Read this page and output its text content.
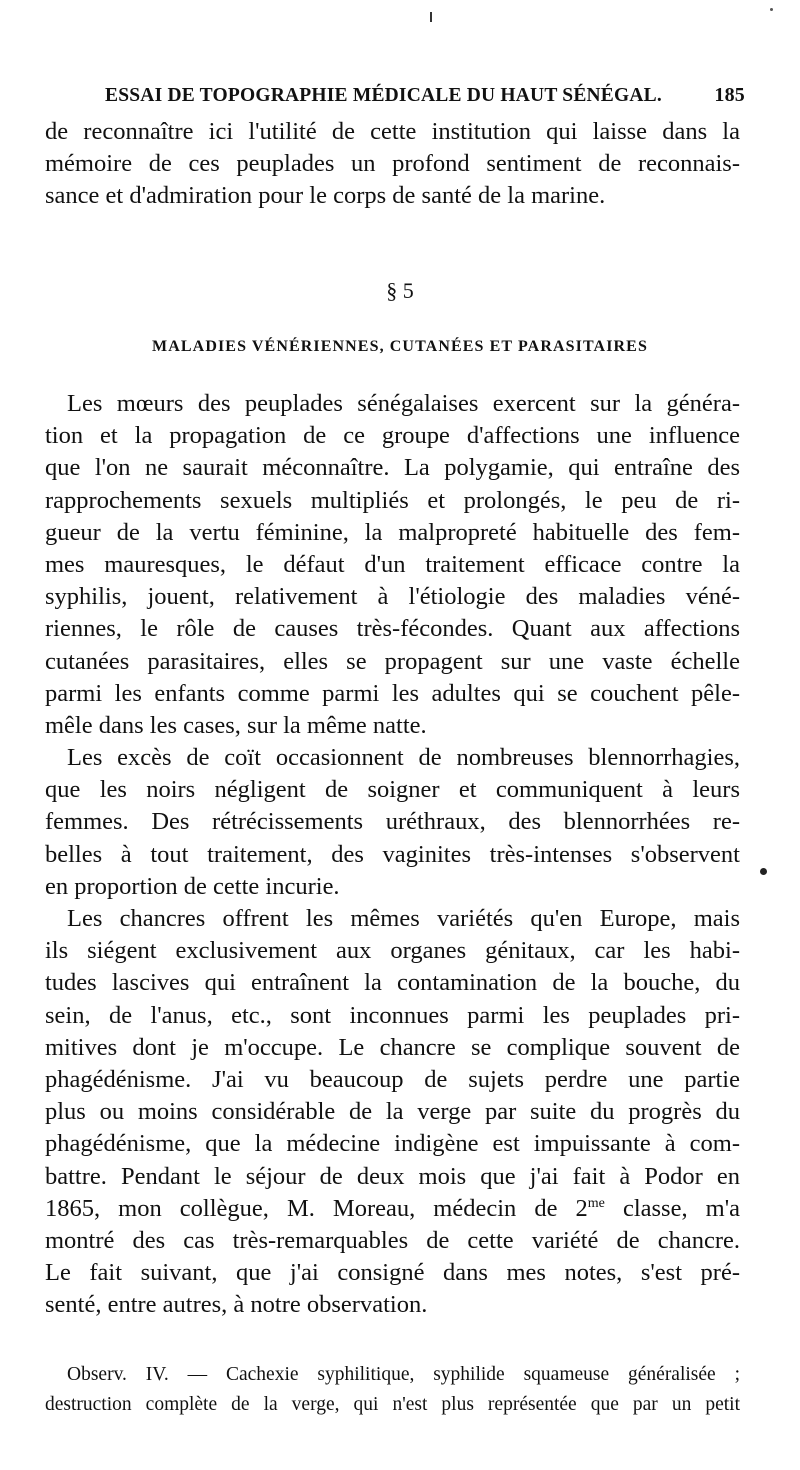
ESSAI DE TOPOGRAPHIE MÉDICALE DU HAUT SÉNÉGAL.	185
de reconnaître ici l'utilité de cette institution qui laisse dans la
mémoire de ces peuplades un profond sentiment de reconnais-
sance et d'admiration pour le corps de santé de la marine.
§ 5
MALADIES VÉNÉRIENNES, CUTANÉES ET PARASITAIRES
Les mœurs des peuplades sénégalaises exercent sur la généra-
tion et la propagation de ce groupe d'affections une influence
que l'on ne saurait méconnaître. La polygamie, qui entraîne des
rapprochements sexuels multipliés et prolongés, le peu de ri-
gueur de la vertu féminine, la malpropreté habituelle des fem-
mes mauresques, le défaut d'un traitement efficace contre la
syphilis, jouent, relativement à l'étiologie des maladies véné-
riennes, le rôle de causes très-fécondes. Quant aux affections
cutanées parasitaires, elles se propagent sur une vaste échelle
parmi les enfants comme parmi les adultes qui se couchent pêle-
mêle dans les cases, sur la même natte.
Les excès de coït occasionnent de nombreuses blennorrhagies,
que les noirs négligent de soigner et communiquent à leurs
femmes. Des rétrécissements uréthraux, des blennorrhées re-
belles à tout traitement, des vaginites très-intenses s'observent
en proportion de cette incurie.
Les chancres offrent les mêmes variétés qu'en Europe, mais
ils siégent exclusivement aux organes génitaux, car les habi-
tudes lascives qui entraînent la contamination de la bouche, du
sein, de l'anus, etc., sont inconnues parmi les peuplades pri-
mitives dont je m'occupe. Le chancre se complique souvent de
phagédénisme. J'ai vu beaucoup de sujets perdre une partie
plus ou moins considérable de la verge par suite du progrès du
phagédénisme, que la médecine indigène est impuissante à com-
battre. Pendant le séjour de deux mois que j'ai fait à Podor en
1865, mon collègue, M. Moreau, médecin de $2^{me}$ classe, m'a
montré des cas très-remarquables de cette variété de chancre.
Le fait suivant, que j'ai consigné dans mes notes, s'est pré-
senté, entre autres, à notre observation.
Observ. IV. — Cachexie syphilitique, syphilide squameuse généralisée ;
destruction complète de la verge, qui n'est plus représentée que par un petit
